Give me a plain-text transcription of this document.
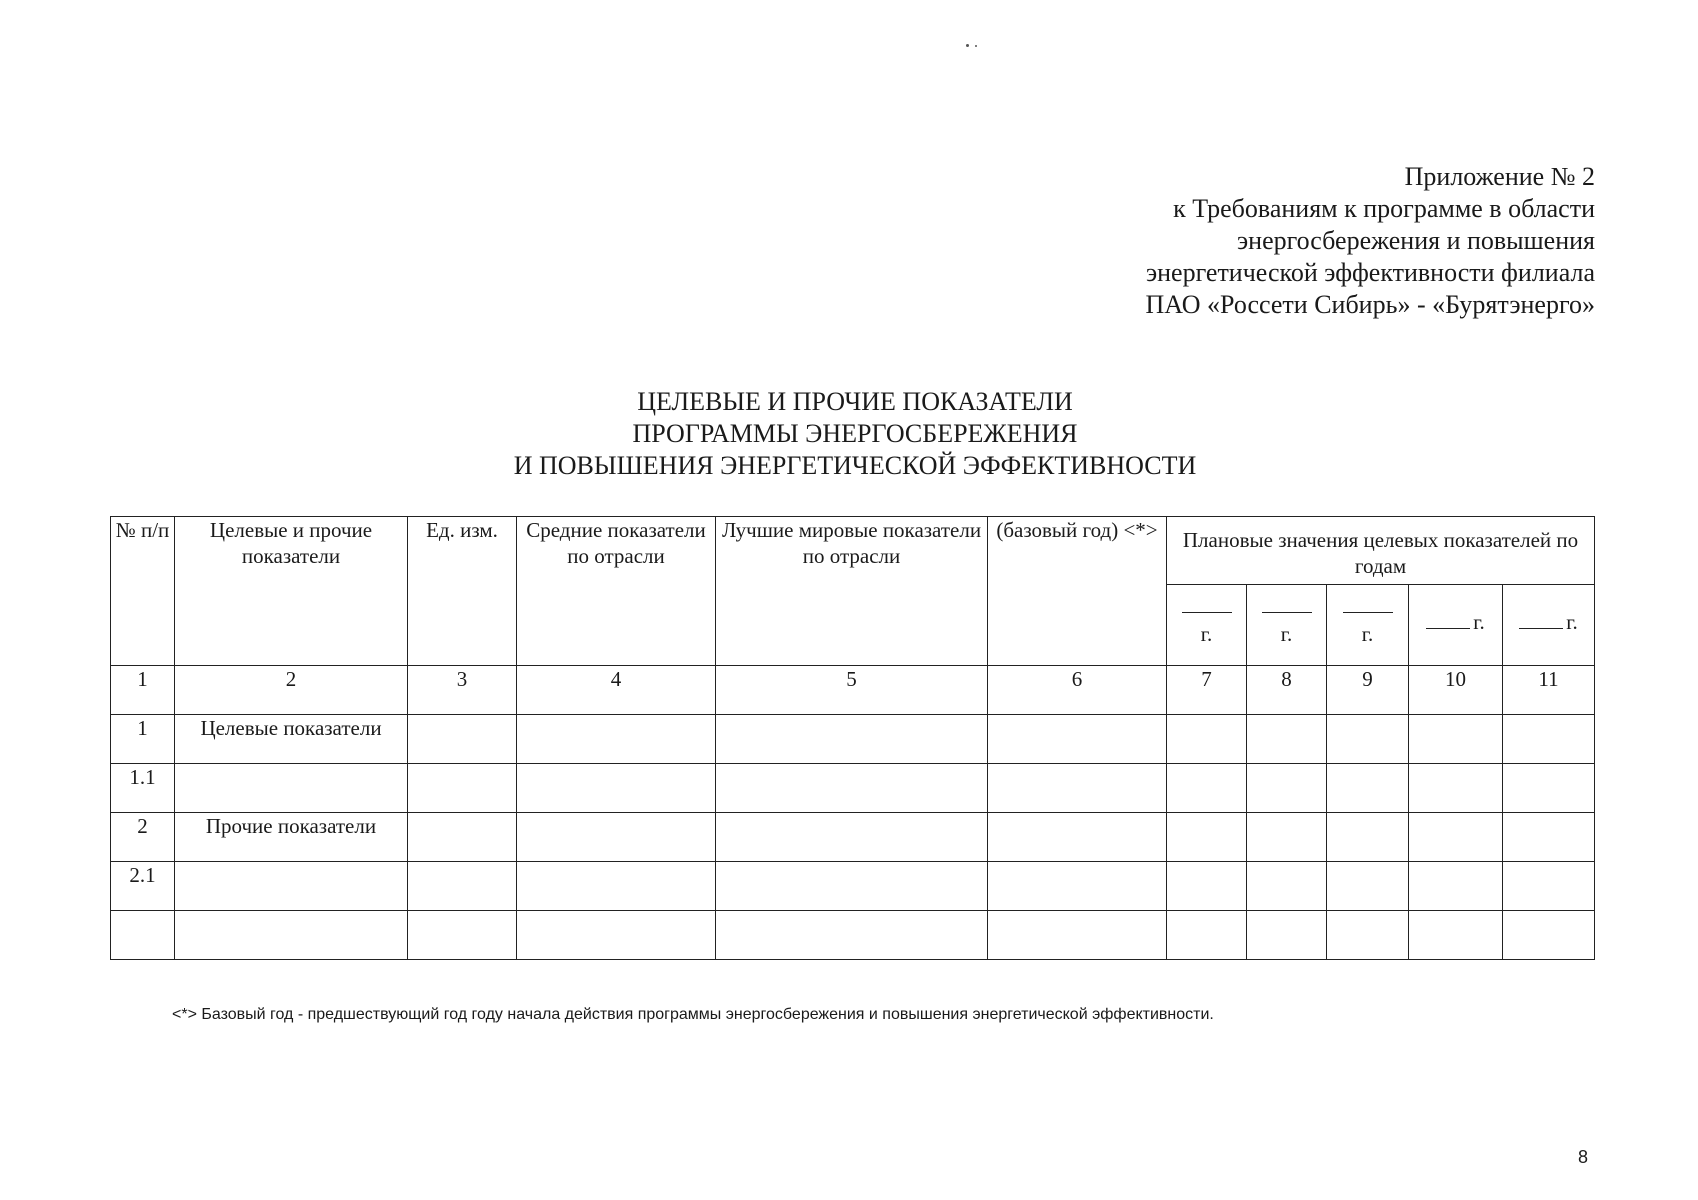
Приложение № 2
к Требованиям к программе в области
энергосбережения и повышения
энергетической эффективности филиала
ПАО «Россети Сибирь» - «Бурятэнерго»
ЦЕЛЕВЫЕ И ПРОЧИЕ ПОКАЗАТЕЛИ
ПРОГРАММЫ ЭНЕРГОСБЕРЕЖЕНИЯ
И ПОВЫШЕНИЯ ЭНЕРГЕТИЧЕСКОЙ ЭФФЕКТИВНОСТИ
№ п/п	Целевые и прочие показатели	Ед. изм.	Средние показатели по отрасли	Лучшие мировые показатели по отрасли	(базовый год) <*>	Плановые значения целевых показателей по годам				

						г.	г.	г.	г.	г.

1	2	3	4	5	6	7	8	9	10	11
1	Целевые показатели									
1.1										
2	Прочие показатели									
2.1										

<*> Базовый год - предшествующий год году начала действия программы энергосбережения и повышения энергетической эффективности.
8
